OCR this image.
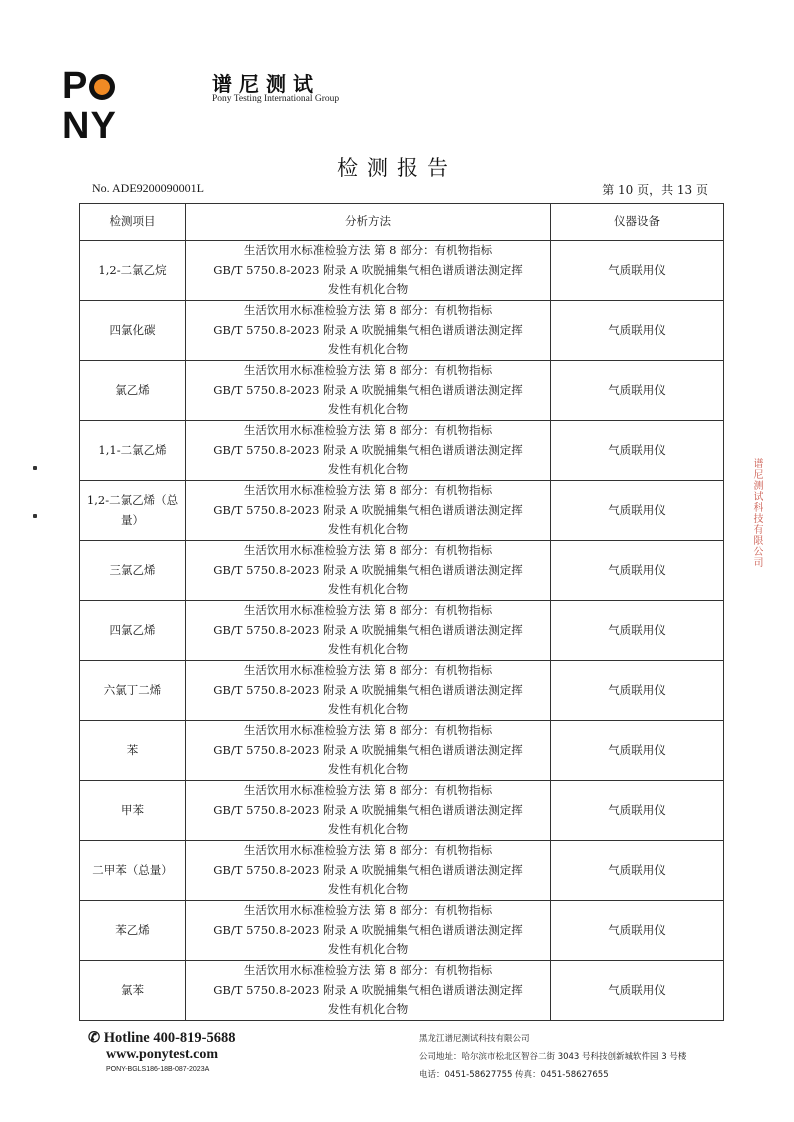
PNY
谱尼测试
Pony Testing International Group
检测报告
No. ADE9200090001L	第 10 页，共 13 页
检测项目	分析方法	仪器设备
1,2-二氯乙烷	生活饮用水标准检验方法 第 8 部分：有机物指标
GB/T 5750.8-2023 附录 A 吹脱捕集气相色谱质谱法测定挥
发性有机化合物	气质联用仪
四氯化碳	生活饮用水标准检验方法 第 8 部分：有机物指标
GB/T 5750.8-2023 附录 A 吹脱捕集气相色谱质谱法测定挥
发性有机化合物	气质联用仪
氯乙烯	生活饮用水标准检验方法 第 8 部分：有机物指标
GB/T 5750.8-2023 附录 A 吹脱捕集气相色谱质谱法测定挥
发性有机化合物	气质联用仪
1,1-二氯乙烯	生活饮用水标准检验方法 第 8 部分：有机物指标
GB/T 5750.8-2023 附录 A 吹脱捕集气相色谱质谱法测定挥
发性有机化合物	气质联用仪
1,2-二氯乙烯（总量）	生活饮用水标准检验方法 第 8 部分：有机物指标
GB/T 5750.8-2023 附录 A 吹脱捕集气相色谱质谱法测定挥
发性有机化合物	气质联用仪
三氯乙烯	生活饮用水标准检验方法 第 8 部分：有机物指标
GB/T 5750.8-2023 附录 A 吹脱捕集气相色谱质谱法测定挥
发性有机化合物	气质联用仪
四氯乙烯	生活饮用水标准检验方法 第 8 部分：有机物指标
GB/T 5750.8-2023 附录 A 吹脱捕集气相色谱质谱法测定挥
发性有机化合物	气质联用仪
六氯丁二烯	生活饮用水标准检验方法 第 8 部分：有机物指标
GB/T 5750.8-2023 附录 A 吹脱捕集气相色谱质谱法测定挥
发性有机化合物	气质联用仪
苯	生活饮用水标准检验方法 第 8 部分：有机物指标
GB/T 5750.8-2023 附录 A 吹脱捕集气相色谱质谱法测定挥
发性有机化合物	气质联用仪
甲苯	生活饮用水标准检验方法 第 8 部分：有机物指标
GB/T 5750.8-2023 附录 A 吹脱捕集气相色谱质谱法测定挥
发性有机化合物	气质联用仪
二甲苯（总量）	生活饮用水标准检验方法 第 8 部分：有机物指标
GB/T 5750.8-2023 附录 A 吹脱捕集气相色谱质谱法测定挥
发性有机化合物	气质联用仪
苯乙烯	生活饮用水标准检验方法 第 8 部分：有机物指标
GB/T 5750.8-2023 附录 A 吹脱捕集气相色谱质谱法测定挥
发性有机化合物	气质联用仪
氯苯	生活饮用水标准检验方法 第 8 部分：有机物指标
GB/T 5750.8-2023 附录 A 吹脱捕集气相色谱质谱法测定挥
发性有机化合物	气质联用仪
谱尼测试科技有限公司
✆ Hotline 400-819-5688
www.ponytest.com
PONY-BGLS186-18B-087-2023A
黑龙江谱尼测试科技有限公司
公司地址：哈尔滨市松北区智谷二街 3043 号科技创新城软件园 3 号楼
电话：0451-58627755 传真：0451-58627655
